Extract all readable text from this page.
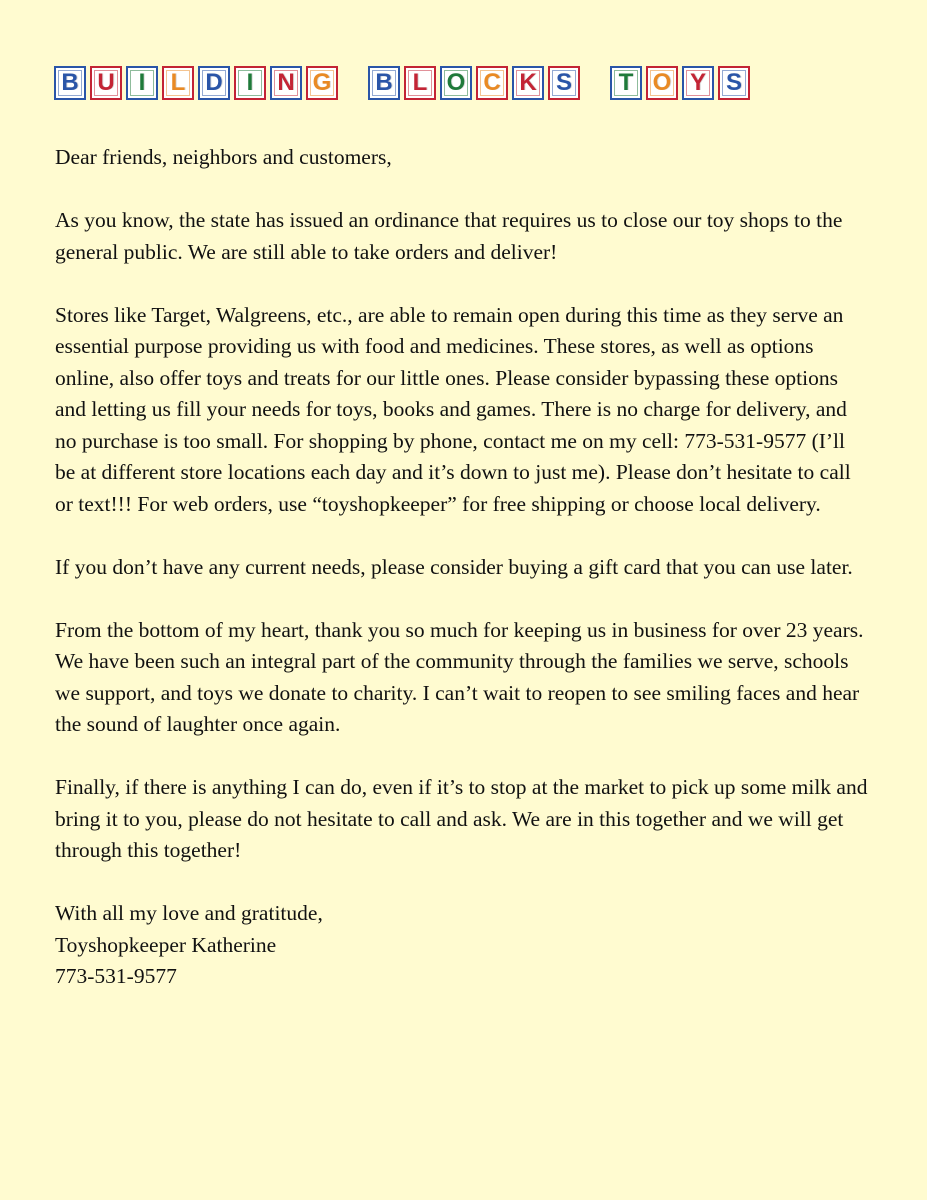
B U I L D I N G B L O C K S T O Y S

Dear friends, neighbors and customers,

As you know, the state has issued an ordinance that requires us to close our toy shops to the general public. We are still able to take orders and deliver!

Stores like Target, Walgreens, etc., are able to remain open during this time as they serve an essential purpose providing us with food and medicines. These stores, as well as options online, also offer toys and treats for our little ones. Please consider bypassing these options and letting us fill your needs for toys, books and games. There is no charge for delivery, and no purchase is too small. For shopping by phone, contact me on my cell: 773-531-9577 (I’ll be at different store locations each day and it’s down to just me). Please don’t hesitate to call or text!!! For web orders, use “toyshopkeeper” for free shipping or choose local delivery.

If you don’t have any current needs, please consider buying a gift card that you can use later.

From the bottom of my heart, thank you so much for keeping us in business for over 23 years. We have been such an integral part of the community through the families we serve, schools we support, and toys we donate to charity. I can’t wait to reopen to see smiling faces and hear the sound of laughter once again.

Finally, if there is anything I can do, even if it’s to stop at the market to pick up some milk and bring it to you, please do not hesitate to call and ask. We are in this together and we will get through this together!

With all my love and gratitude,
Toyshopkeeper Katherine
773-531-9577
